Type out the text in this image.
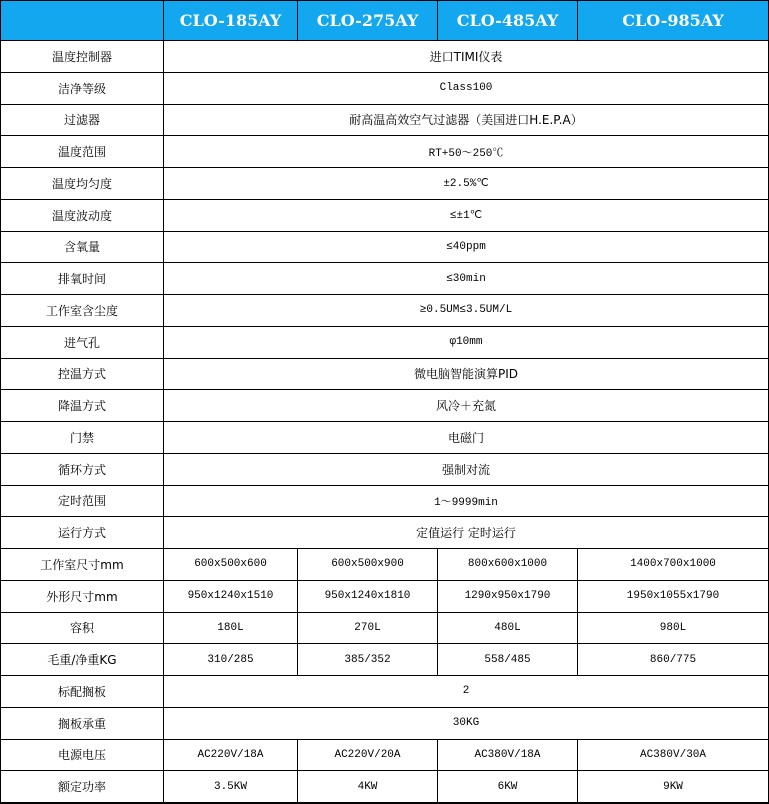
	CLO-185AY	CLO-275AY	CLO-485AY	CLO-985AY
温度控制器	进口TIMI仪表			
洁净等级	Class100			
过滤器	耐高温高效空气过滤器（美国进口H.E.P.A）			
温度范围	RT+50～250℃			
温度均匀度	±2.5%℃			
温度波动度	≤±1℃			
含氧量	≤40ppm			
排氧时间	≤30min			
工作室含尘度	≥0.5UM≤3.5UM/L			
进气孔	φ10mm			
控温方式	微电脑智能演算PID			
降温方式	风冷＋充氮			
门禁	电磁门			
循环方式	强制对流			
定时范围	1～9999min			
运行方式	定值运行 定时运行			
工作室尺寸mm	600x500x600	600x500x900	800x600x1000	1400x700x1000
外形尺寸mm	950x1240x1510	950x1240x1810	1290x950x1790	1950x1055x1790
容积	180L	270L	480L	980L
毛重/净重KG	310/285	385/352	558/485	860/775
标配搁板	2			
搁板承重	30KG			
电源电压	AC220V/18A	AC220V/20A	AC380V/18A	AC380V/30A
额定功率	3.5KW	4KW	6KW	9KW
